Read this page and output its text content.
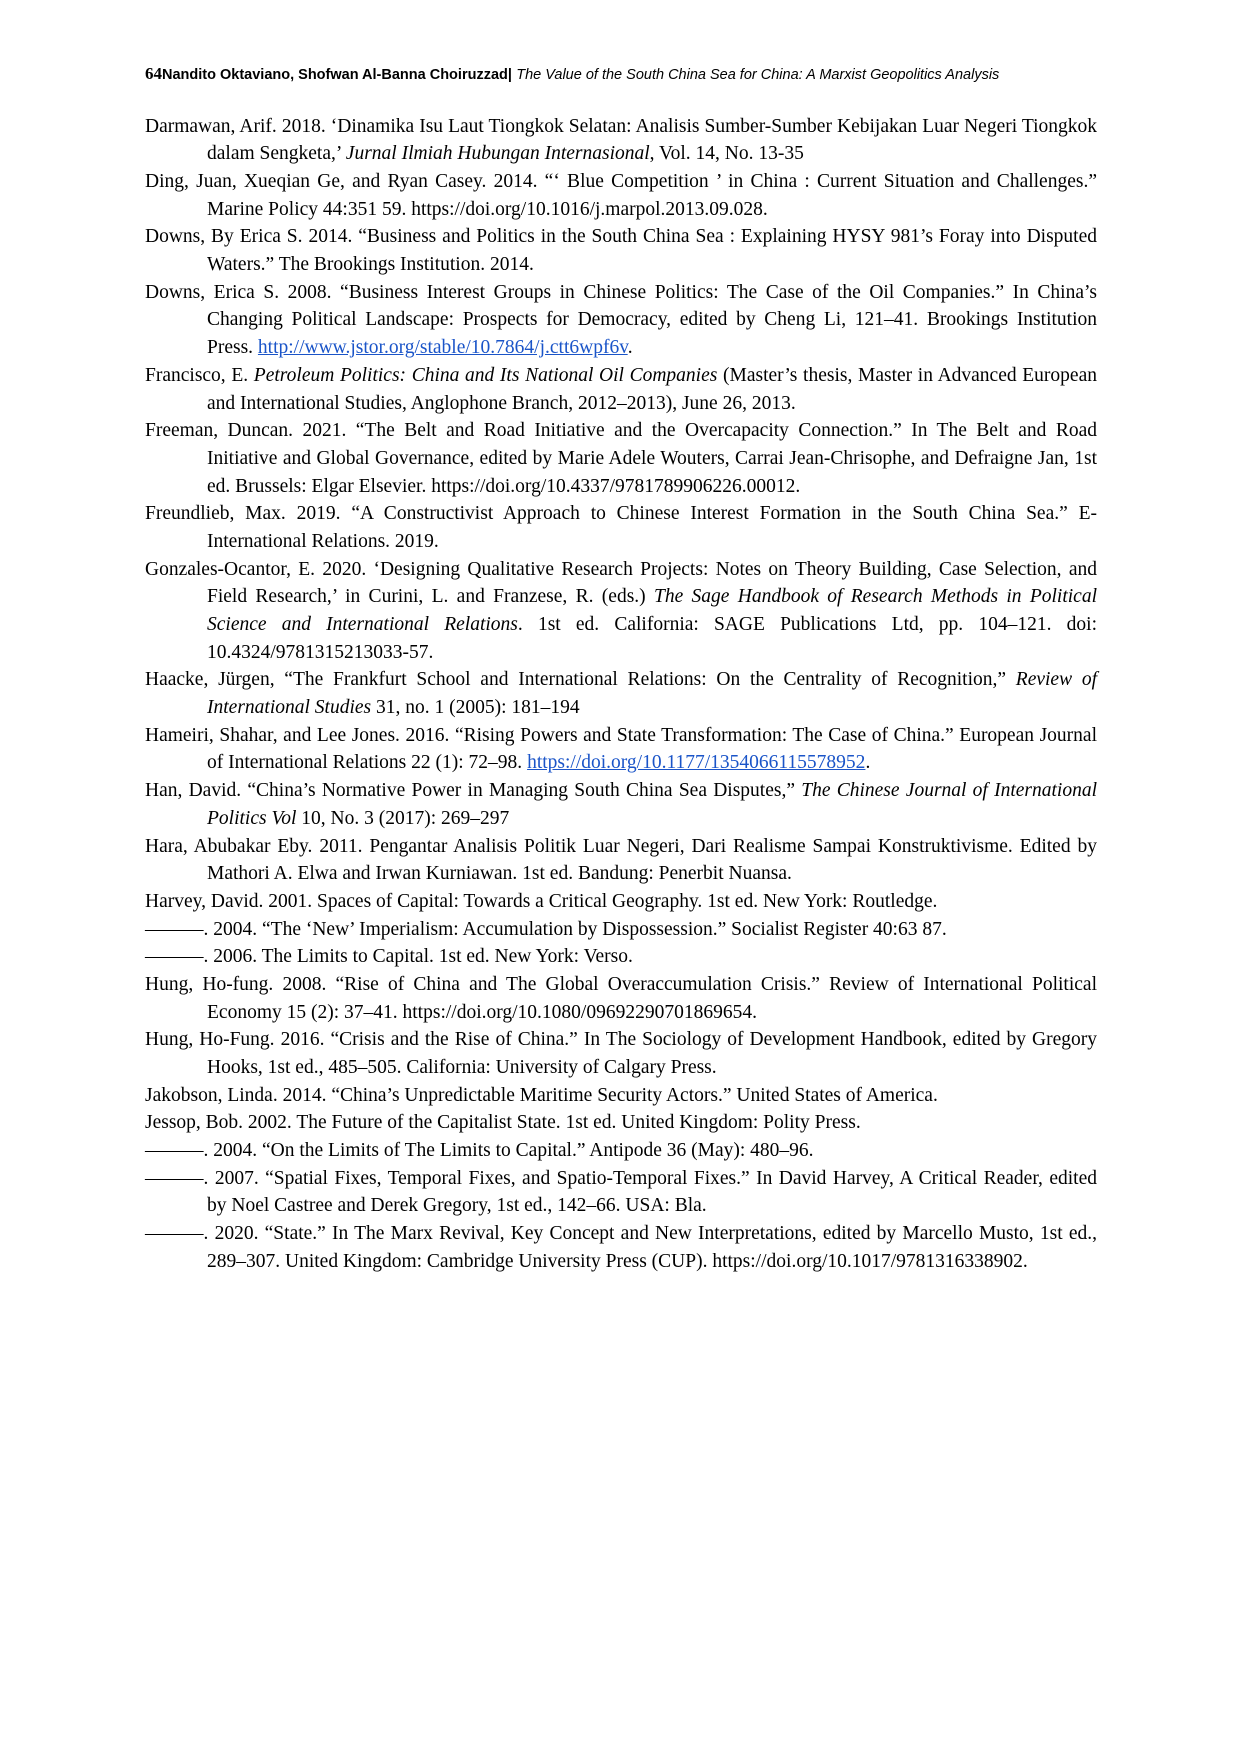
64Nandito Oktaviano, Shofwan Al-Banna Choiruzzad| The Value of the South China Sea for China: A Marxist Geopolitics Analysis
Darmawan, Arif. 2018. ‘Dinamika Isu Laut Tiongkok Selatan: Analisis Sumber-Sumber Kebijakan Luar Negeri Tiongkok dalam Sengketa,’ Jurnal Ilmiah Hubungan Internasional, Vol. 14, No. 13-35
Ding, Juan, Xueqian Ge, and Ryan Casey. 2014. “‘ Blue Competition ’ in China : Current Situation and Challenges.” Marine Policy 44:351 59. https://doi.org/10.1016/j.marpol.2013.09.028.
Downs, By Erica S. 2014. “Business and Politics in the South China Sea : Explaining HYSY 981’s Foray into Disputed Waters.” The Brookings Institution. 2014.
Downs, Erica S. 2008. “Business Interest Groups in Chinese Politics: The Case of the Oil Companies.” In China’s Changing Political Landscape: Prospects for Democracy, edited by Cheng Li, 121–41. Brookings Institution Press. http://www.jstor.org/stable/10.7864/j.ctt6wpf6v.
Francisco, E. Petroleum Politics: China and Its National Oil Companies (Master’s thesis, Master in Advanced European and International Studies, Anglophone Branch, 2012–2013), June 26, 2013.
Freeman, Duncan. 2021. “The Belt and Road Initiative and the Overcapacity Connection.” In The Belt and Road Initiative and Global Governance, edited by Marie Adele Wouters, Carrai Jean-Chrisophe, and Defraigne Jan, 1st ed. Brussels: Elgar Elsevier. https://doi.org/10.4337/9781789906226.00012.
Freundlieb, Max. 2019. “A Constructivist Approach to Chinese Interest Formation in the South China Sea.” E-International Relations. 2019.
Gonzales-Ocantor, E. 2020. ‘Designing Qualitative Research Projects: Notes on Theory Building, Case Selection, and Field Research,’ in Curini, L. and Franzese, R. (eds.) The Sage Handbook of Research Methods in Political Science and International Relations. 1st ed. California: SAGE Publications Ltd, pp. 104–121. doi: 10.4324/9781315213033-57.
Haacke, Jürgen, “The Frankfurt School and International Relations: On the Centrality of Recognition,” Review of International Studies 31, no. 1 (2005): 181–194
Hameiri, Shahar, and Lee Jones. 2016. “Rising Powers and State Transformation: The Case of China.” European Journal of International Relations 22 (1): 72–98. https://doi.org/10.1177/1354066115578952.
Han, David. “China’s Normative Power in Managing South China Sea Disputes,” The Chinese Journal of International Politics Vol 10, No. 3 (2017): 269–297
Hara, Abubakar Eby. 2011. Pengantar Analisis Politik Luar Negeri, Dari Realisme Sampai Konstruktivisme. Edited by Mathori A. Elwa and Irwan Kurniawan. 1st ed. Bandung: Penerbit Nuansa.
Harvey, David. 2001. Spaces of Capital: Towards a Critical Geography. 1st ed. New York: Routledge.
———. 2004. “The ‘New’ Imperialism: Accumulation by Dispossession.” Socialist Register 40:63 87.
———. 2006. The Limits to Capital. 1st ed. New York: Verso.
Hung, Ho-fung. 2008. “Rise of China and The Global Overaccumulation Crisis.” Review of International Political Economy 15 (2): 37–41. https://doi.org/10.1080/09692290701869654.
Hung, Ho-Fung. 2016. “Crisis and the Rise of China.” In The Sociology of Development Handbook, edited by Gregory Hooks, 1st ed., 485–505. California: University of Calgary Press.
Jakobson, Linda. 2014. “China’s Unpredictable Maritime Security Actors.” United States of America.
Jessop, Bob. 2002. The Future of the Capitalist State. 1st ed. United Kingdom: Polity Press.
———. 2004. “On the Limits of The Limits to Capital.” Antipode 36 (May): 480–96.
———. 2007. “Spatial Fixes, Temporal Fixes, and Spatio-Temporal Fixes.” In David Harvey, A Critical Reader, edited by Noel Castree and Derek Gregory, 1st ed., 142–66. USA: Bla.
———. 2020. “State.” In The Marx Revival, Key Concept and New Interpretations, edited by Marcello Musto, 1st ed., 289–307. United Kingdom: Cambridge University Press (CUP). https://doi.org/10.1017/9781316338902.
